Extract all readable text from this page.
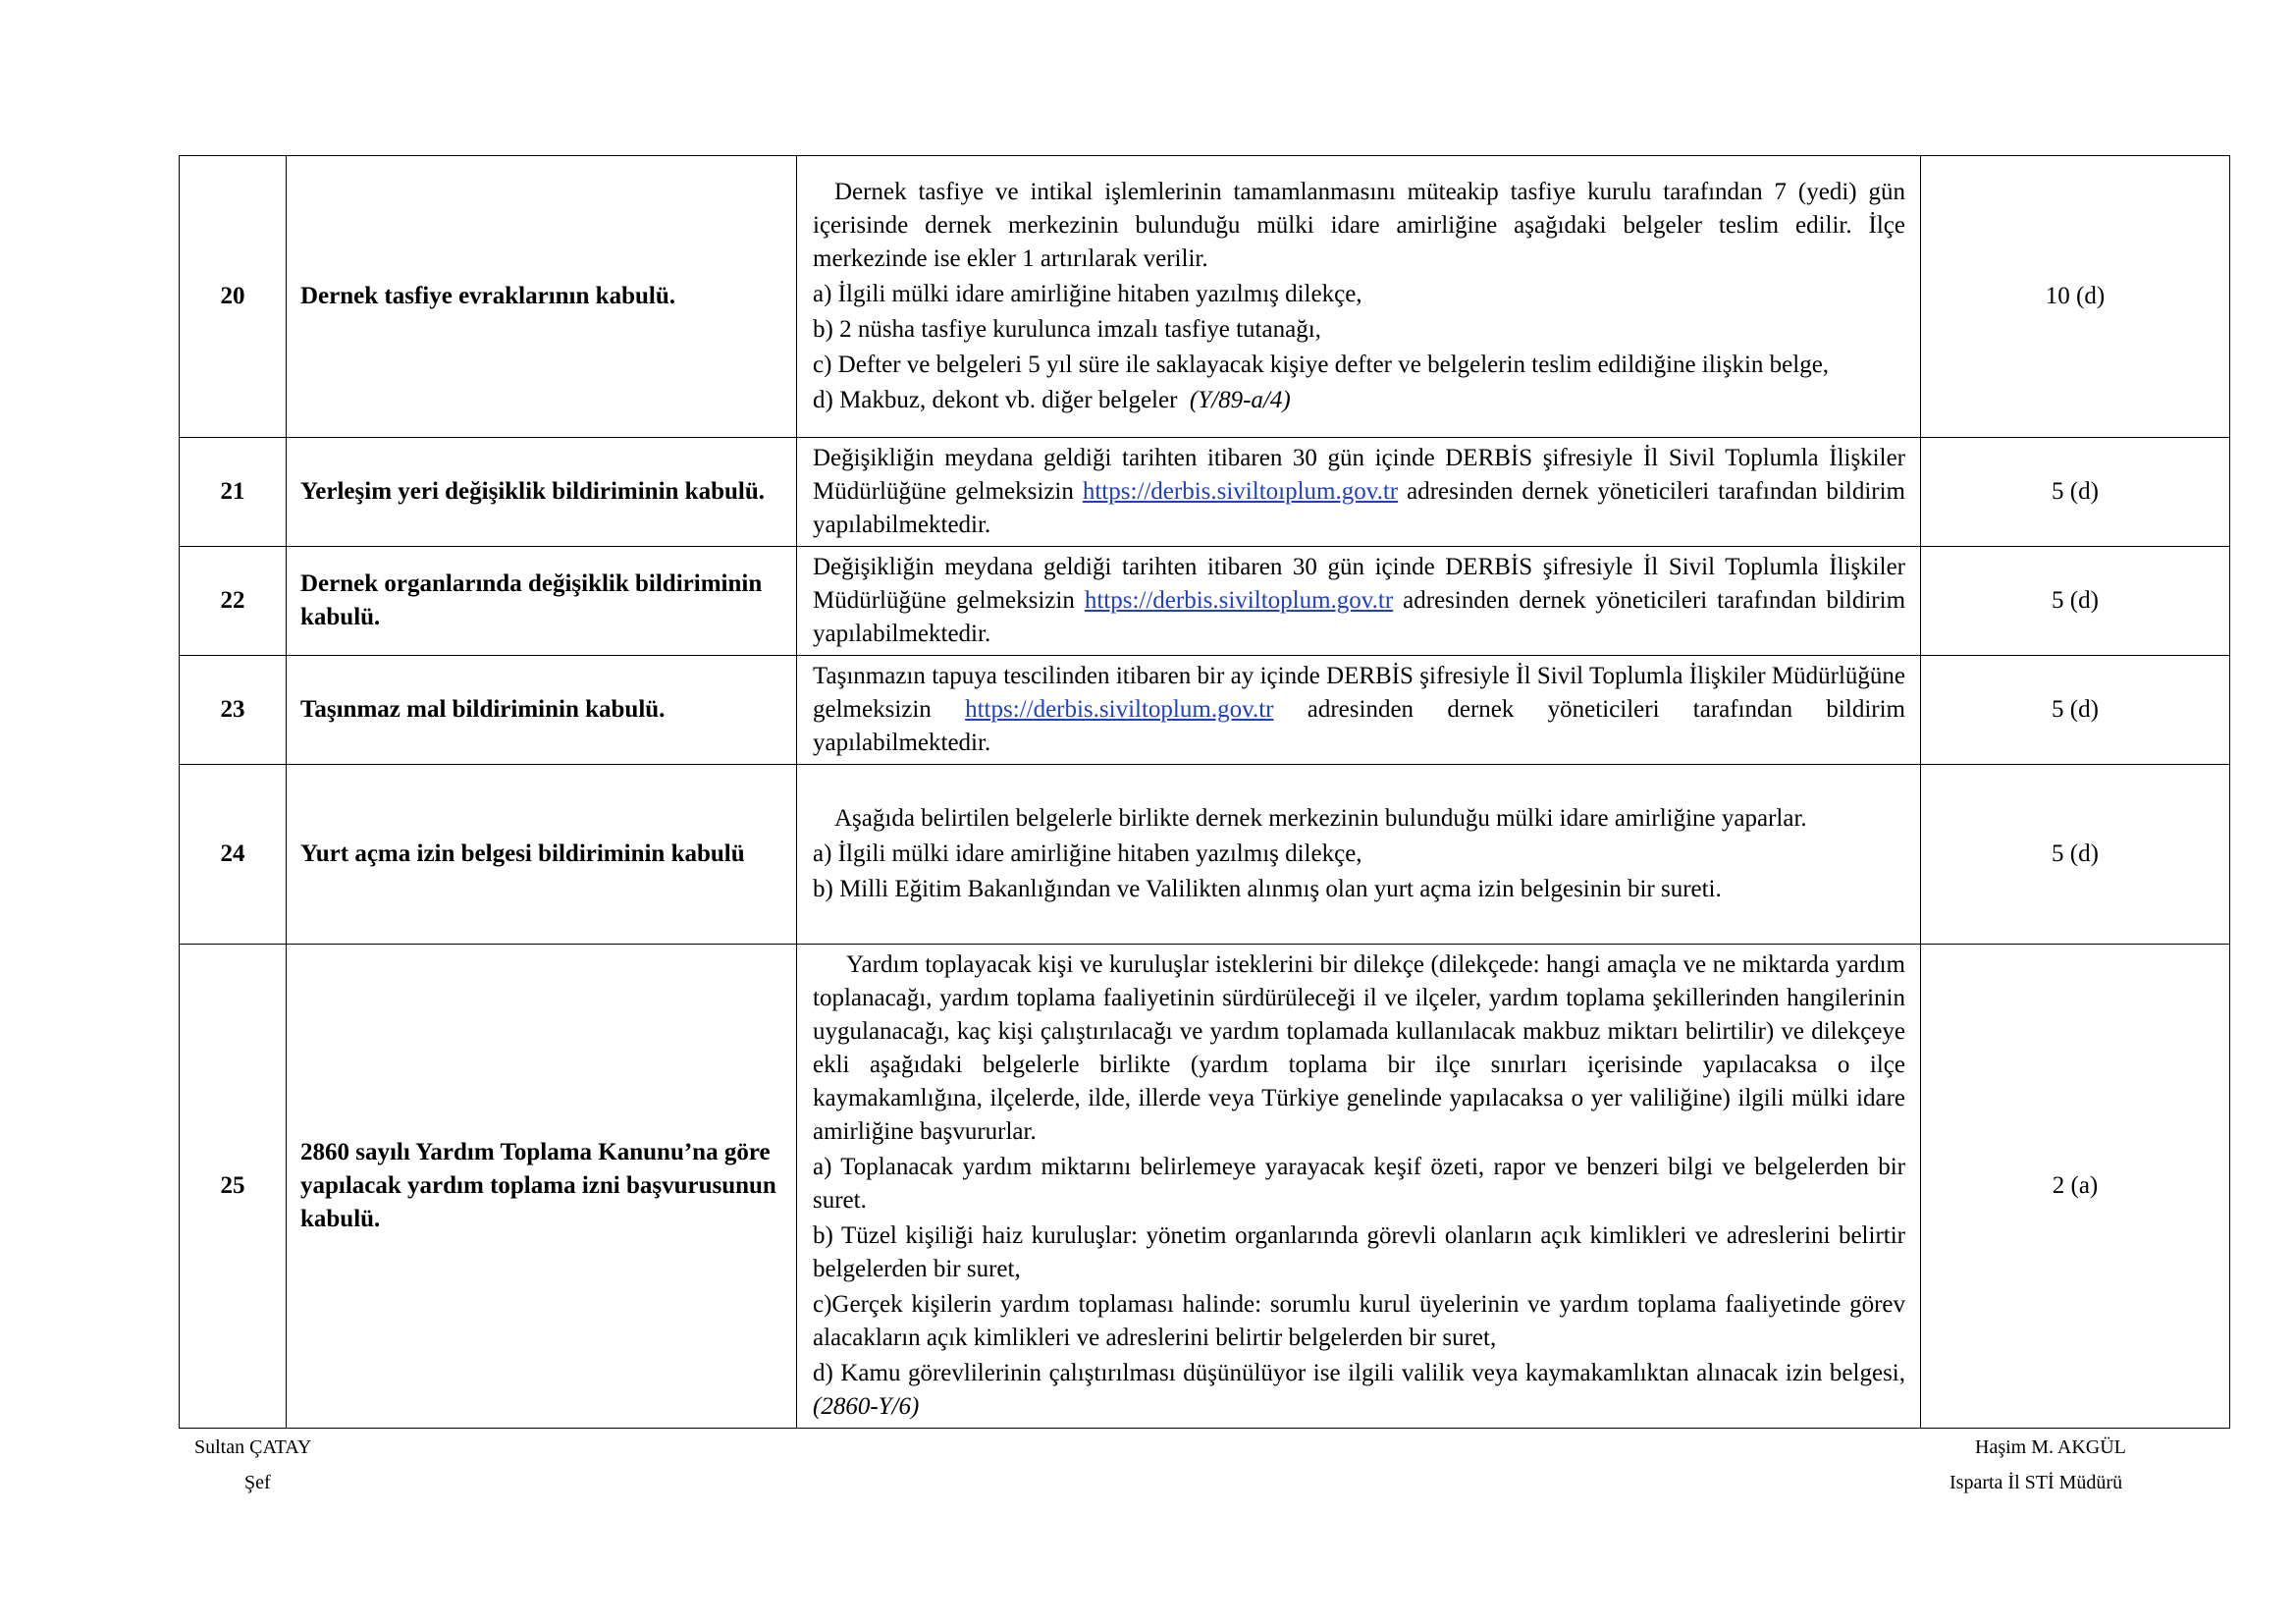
20	Dernek tasfiye evraklarının kabulü.	Dernek tasfiye ve intikal işlemlerinin tamamlanmasını müteakip tasfiye kurulu tarafından 7 (yedi) gün içerisinde dernek merkezinin bulunduğu mülki idare amirliğine aşağıdaki belgeler teslim edilir. İlçe merkezinde ise ekler 1 artırılarak verilir.

a) İlgili mülki idare amirliğine hitaben yazılmış dilekçe,

b) 2 nüsha tasfiye kurulunca imzalı tasfiye tutanağı,

c) Defter ve belgeleri 5 yıl süre ile saklayacak kişiye defter ve belgelerin teslim edildiğine ilişkin belge,

d) Makbuz, dekont vb. diğer belgeler (Y/89-a/4)	10 (d)
21	Yerleşim yeri değişiklik bildiriminin kabulü.	Değişikliğin meydana geldiği tarihten itibaren 30 gün içinde DERBİS şifresiyle İl Sivil Toplumla İlişkiler Müdürlüğüne gelmeksizin https://derbis.siviltoıplum.gov.tr adresinden dernek yöneticileri tarafından bildirim yapılabilmektedir.	5 (d)
22	Dernek organlarında değişiklik bildiriminin kabulü.	Değişikliğin meydana geldiği tarihten itibaren 30 gün içinde DERBİS şifresiyle İl Sivil Toplumla İlişkiler Müdürlüğüne gelmeksizin https://derbis.siviltoplum.gov.tr adresinden dernek yöneticileri tarafından bildirim yapılabilmektedir.	5 (d)
23	Taşınmaz mal bildiriminin kabulü.	Taşınmazın tapuya tescilinden itibaren bir ay içinde DERBİS şifresiyle İl Sivil Toplumla İlişkiler Müdürlüğüne gelmeksizin https://derbis.siviltoplum.gov.tr adresinden dernek yöneticileri tarafından bildirim yapılabilmektedir.	5 (d)
24	Yurt açma izin belgesi bildiriminin kabulü	Aşağıda belirtilen belgelerle birlikte dernek merkezinin bulunduğu mülki idare amirliğine yaparlar.

a) İlgili mülki idare amirliğine hitaben yazılmış dilekçe,

b) Milli Eğitim Bakanlığından ve Valilikten alınmış olan yurt açma izin belgesinin bir sureti.	5 (d)
25	2860 sayılı Yardım Toplama Kanunu’na göre yapılacak yardım toplama izni başvurusunun kabulü.	Yardım toplayacak kişi ve kuruluşlar isteklerini bir dilekçe (dilekçede: hangi amaçla ve ne miktarda yardım toplanacağı, yardım toplama faaliyetinin sürdürüleceği il ve ilçeler, yardım toplama şekillerinden hangilerinin uygulanacağı, kaç kişi çalıştırılacağı ve yardım toplamada kullanılacak makbuz miktarı belirtilir) ve dilekçeye ekli aşağıdaki belgelerle birlikte (yardım toplama bir ilçe sınırları içerisinde yapılacaksa o ilçe kaymakamlığına, ilçelerde, ilde, illerde veya Türkiye genelinde yapılacaksa o yer valiliğine) ilgili mülki idare amirliğine başvururlar.

a) Toplanacak yardım miktarını belirlemeye yarayacak keşif özeti, rapor ve benzeri bilgi ve belgelerden bir suret.

b) Tüzel kişiliği haiz kuruluşlar: yönetim organlarında görevli olanların açık kimlikleri ve adreslerini belirtir belgelerden bir suret,

c)Gerçek kişilerin yardım toplaması halinde: sorumlu kurul üyelerinin ve yardım toplama faaliyetinde görev alacakların açık kimlikleri ve adreslerini belirtir belgelerden bir suret,

d) Kamu görevlilerinin çalıştırılması düşünülüyor ise ilgili valilik veya kaymakamlıktan alınacak izin belgesi, (2860-Y/6)	2 (a)
Sultan ÇATAY
Şef
Haşim M. AKGÜL
Isparta İl STİ Müdürü
